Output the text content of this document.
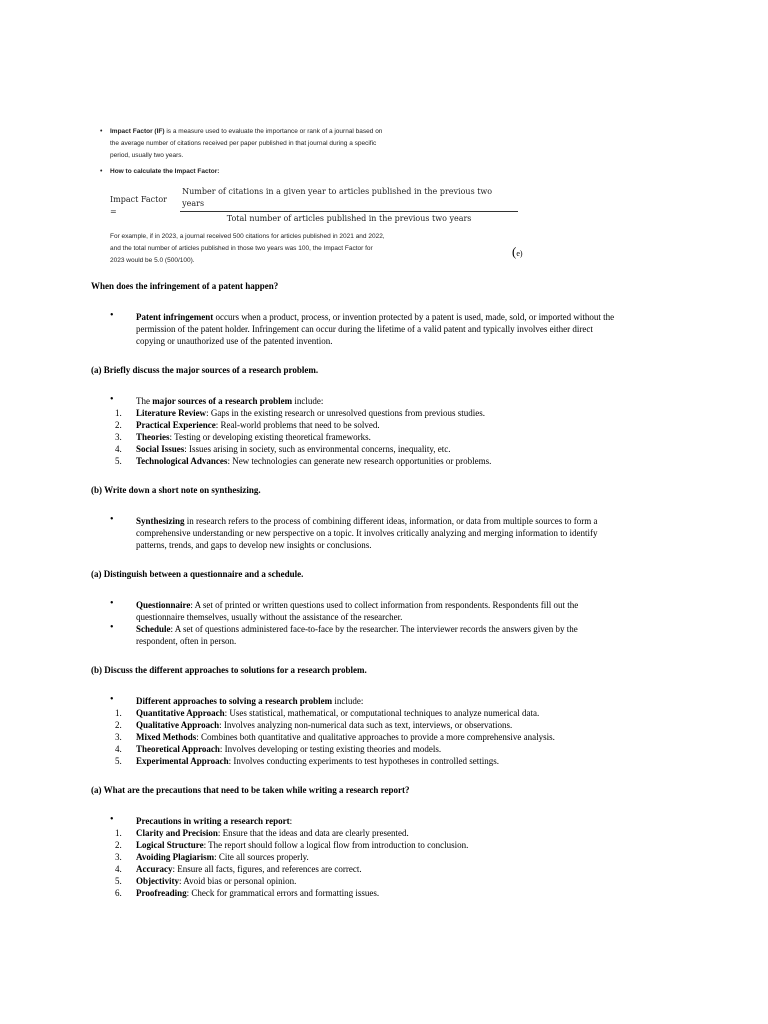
• Impact Factor (IF) is a measure used to evaluate the importance or rank of a journal based on
the average number of citations received per paper published in that journal during a specific
period, usually two years.
• How to calculate the Impact Factor:
Impact Factor =
Number of citations in a given year to articles published in the previous two years
Total number of articles published in the previous two years
For example, if in 2023, a journal received 500 citations for articles published in 2021 and 2022,
and the total number of articles published in those two years was 100, the Impact Factor for
2023 would be 5.0 (500/100).
(e)

When does the infringement of a patent happen?

• Patent infringement occurs when a product, process, or invention protected by a patent is used, made, sold, or imported without the
permission of the patent holder. Infringement can occur during the lifetime of a valid patent and typically involves either direct
copying or unauthorized use of the patented invention.

(a) Briefly discuss the major sources of a research problem.

• The major sources of a research problem include:
1. Literature Review: Gaps in the existing research or unresolved questions from previous studies.
2. Practical Experience: Real-world problems that need to be solved.
3. Theories: Testing or developing existing theoretical frameworks.
4. Social Issues: Issues arising in society, such as environmental concerns, inequality, etc.
5. Technological Advances: New technologies can generate new research opportunities or problems.

(b) Write down a short note on synthesizing.

• Synthesizing in research refers to the process of combining different ideas, information, or data from multiple sources to form a
comprehensive understanding or new perspective on a topic. It involves critically analyzing and merging information to identify
patterns, trends, and gaps to develop new insights or conclusions.

(a) Distinguish between a questionnaire and a schedule.

• Questionnaire: A set of printed or written questions used to collect information from respondents. Respondents fill out the
questionnaire themselves, usually without the assistance of the researcher.
• Schedule: A set of questions administered face-to-face by the researcher. The interviewer records the answers given by the
respondent, often in person.

(b) Discuss the different approaches to solutions for a research problem.

• Different approaches to solving a research problem include:
1. Quantitative Approach: Uses statistical, mathematical, or computational techniques to analyze numerical data.
2. Qualitative Approach: Involves analyzing non-numerical data such as text, interviews, or observations.
3. Mixed Methods: Combines both quantitative and qualitative approaches to provide a more comprehensive analysis.
4. Theoretical Approach: Involves developing or testing existing theories and models.
5. Experimental Approach: Involves conducting experiments to test hypotheses in controlled settings.

(a) What are the precautions that need to be taken while writing a research report?

• Precautions in writing a research report:
1. Clarity and Precision: Ensure that the ideas and data are clearly presented.
2. Logical Structure: The report should follow a logical flow from introduction to conclusion.
3. Avoiding Plagiarism: Cite all sources properly.
4. Accuracy: Ensure all facts, figures, and references are correct.
5. Objectivity: Avoid bias or personal opinion.
6. Proofreading: Check for grammatical errors and formatting issues.
